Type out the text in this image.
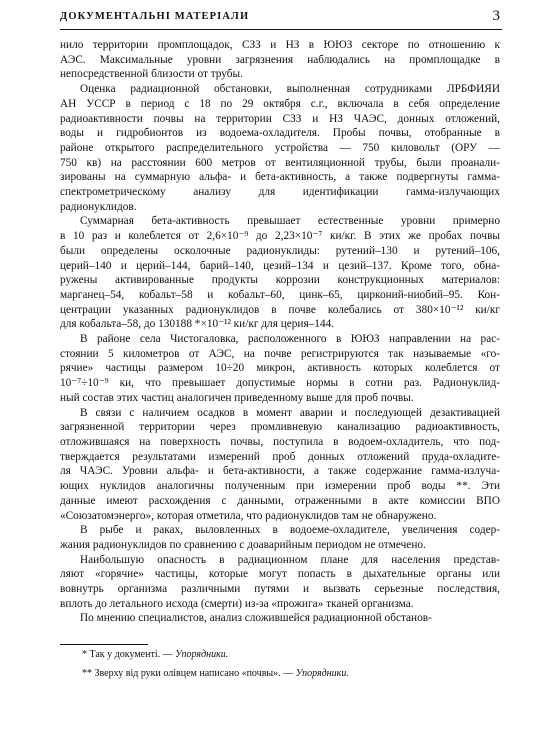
ДОКУМЕНТАЛЬНІ МАТЕРІАЛИ	3

нило территории промплощадок, СЗЗ и НЗ в ЮЮЗ секторе по отношению к
АЭС. Максимальные уровни загрязнения наблюдались на промплощадке в
непосредственной близости от трубы.

Оценка радиационной обстановки, выполненная сотрудниками ЛРБФИЯИ
АН УССР в период с 18 по 29 октября с.г., включала в себя определение
радиоактивности почвы на территории СЗЗ и НЗ ЧАЭС, донных отложений,
воды и гидробионтов из водоема-охладителя. Пробы почвы, отобранные в
районе открытого распределительного устройства — 750 киловольт (ОРУ —
750 кв) на расстоянии 600 метров от вентиляционной трубы, были проанали-
зированы на суммарную альфа- и бета-активность, а также подвергнуты гамма-
спектрометрическому анализу для идентификации гамма-излучающих
радионуклидов.

Суммарная бета-активность превышает естественные уровни примерно
в 10 раз и колеблется от 2,6×10⁻⁹ до 2,23×10⁻⁷ ки/кг. В этих же пробах почвы
были определены осколочные радионуклиды: рутений–130 и рутений–106,
церий–140 и церий–144, барий–140, цезий–134 и цезий–137. Кроме того, обна-
ружены активированные продукты коррозии конструкционных материалов:
марганец–54, кобальт–58 и кобальт–60, цинк–65, цирконий-ниобий–95. Кон-
центрации указанных радионуклидов в почве колебались от 380×10⁻¹² ки/кг
для кобальта–58, до 130188 *×10⁻¹² ки/кг для церия–144.

В районе села Чистогаловка, расположенного в ЮЮЗ направлении на рас-
стоянии 5 километров от АЭС, на почве регистрируются так называемые «го-
рячие» частицы размером 10÷20 микрон, активность которых колеблется от
10⁻⁷÷10⁻⁹ ки, что превышает допустимые нормы в сотни раз. Радионуклид-
ный состав этих частиц аналогичен приведенному выше для проб почвы.

В связи с наличием осадков в момент аварии и последующей дезактивацией
загрязненной территории через промливневую канализацию радиоактивность,
отложившаяся на поверхность почвы, поступила в водоем-охладитель, что под-
тверждается результатами измерений проб донных отложений пруда-охладите-
ля ЧАЭС. Уровни альфа- и бета-активности, а также содержание гамма-излуча-
ющих нуклидов аналогичны полученным при измерении проб воды **. Эти
данные имеют расхождения с данными, отраженными в акте комиссии ВПО
«Союзатомэнерго», которая отметила, что радионуклидов там не обнаружено.

В рыбе и раках, выловленных в водоеме-охладителе, увеличения содер-
жания радионуклидов по сравнению с доаварийным периодом не отмечено.

Наибольшую опасность в радиационном плане для населения представ-
ляют «горячие» частицы, которые могут попасть в дыхательные органы или
вовнутрь организма различными путями и вызвать серьезные последствия,
вплоть до летального исхода (смерти) из-за «прожига» тканей организма.

По мнению специалистов, анализ сложившейся радиационной обстанов-

* Так у документі. — Упорядники.
** Зверху від руки олівцем написано «почвы». — Упорядники.
